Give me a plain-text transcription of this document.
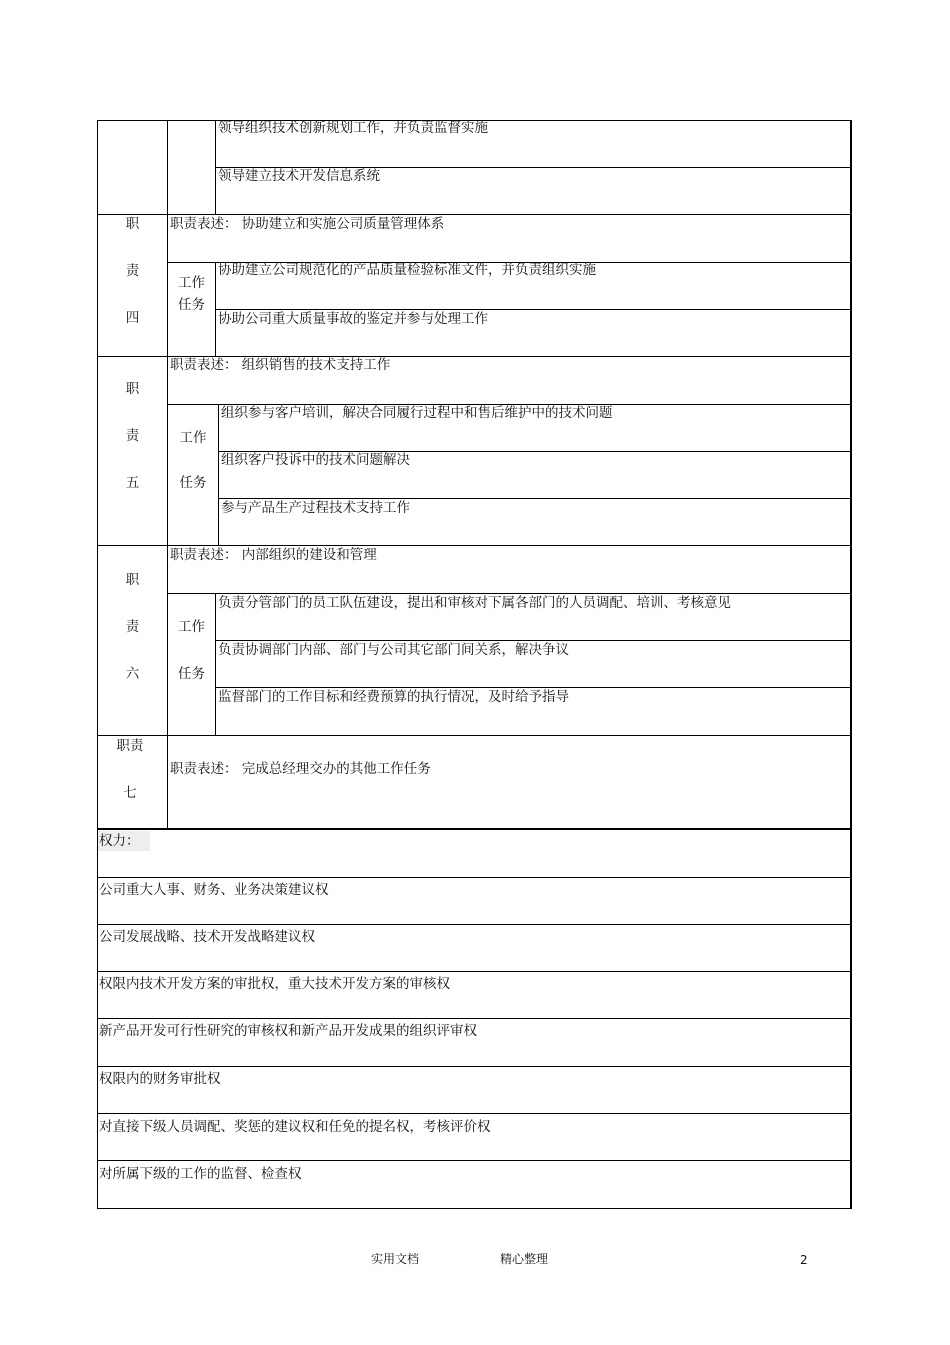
领导组织技术创新规划工作，并负责监督实施
领导建立技术开发信息系统
职
责
四
职责表述： 协助建立和实施公司质量管理体系
工作
任务
协助建立公司规范化的产品质量检验标准文件，并负责组织实施
协助公司重大质量事故的鉴定并参与处理工作
职
责
五
职责表述： 组织销售的技术支持工作
工作
任务
组织参与客户培训，解决合同履行过程中和售后维护中的技术问题
组织客户投诉中的技术问题解决
参与产品生产过程技术支持工作
职
责
六
职责表述： 内部组织的建设和管理
工作
任务
负责分管部门的员工队伍建设，提出和审核对下属各部门的人员调配、培训、考核意见
负责协调部门内部、部门与公司其它部门间关系，解决争议
监督部门的工作目标和经费预算的执行情况，及时给予指导
职责
七
职责表述： 完成总经理交办的其他工作任务
权力：
公司重大人事、财务、业务决策建议权
公司发展战略、技术开发战略建议权
权限内技术开发方案的审批权，重大技术开发方案的审核权
新产品开发可行性研究的审核权和新产品开发成果的组织评审权
权限内的财务审批权
对直接下级人员调配、奖惩的建议权和任免的提名权，考核评价权
对所属下级的工作的监督、检查权
实用文档	精心整理	2
